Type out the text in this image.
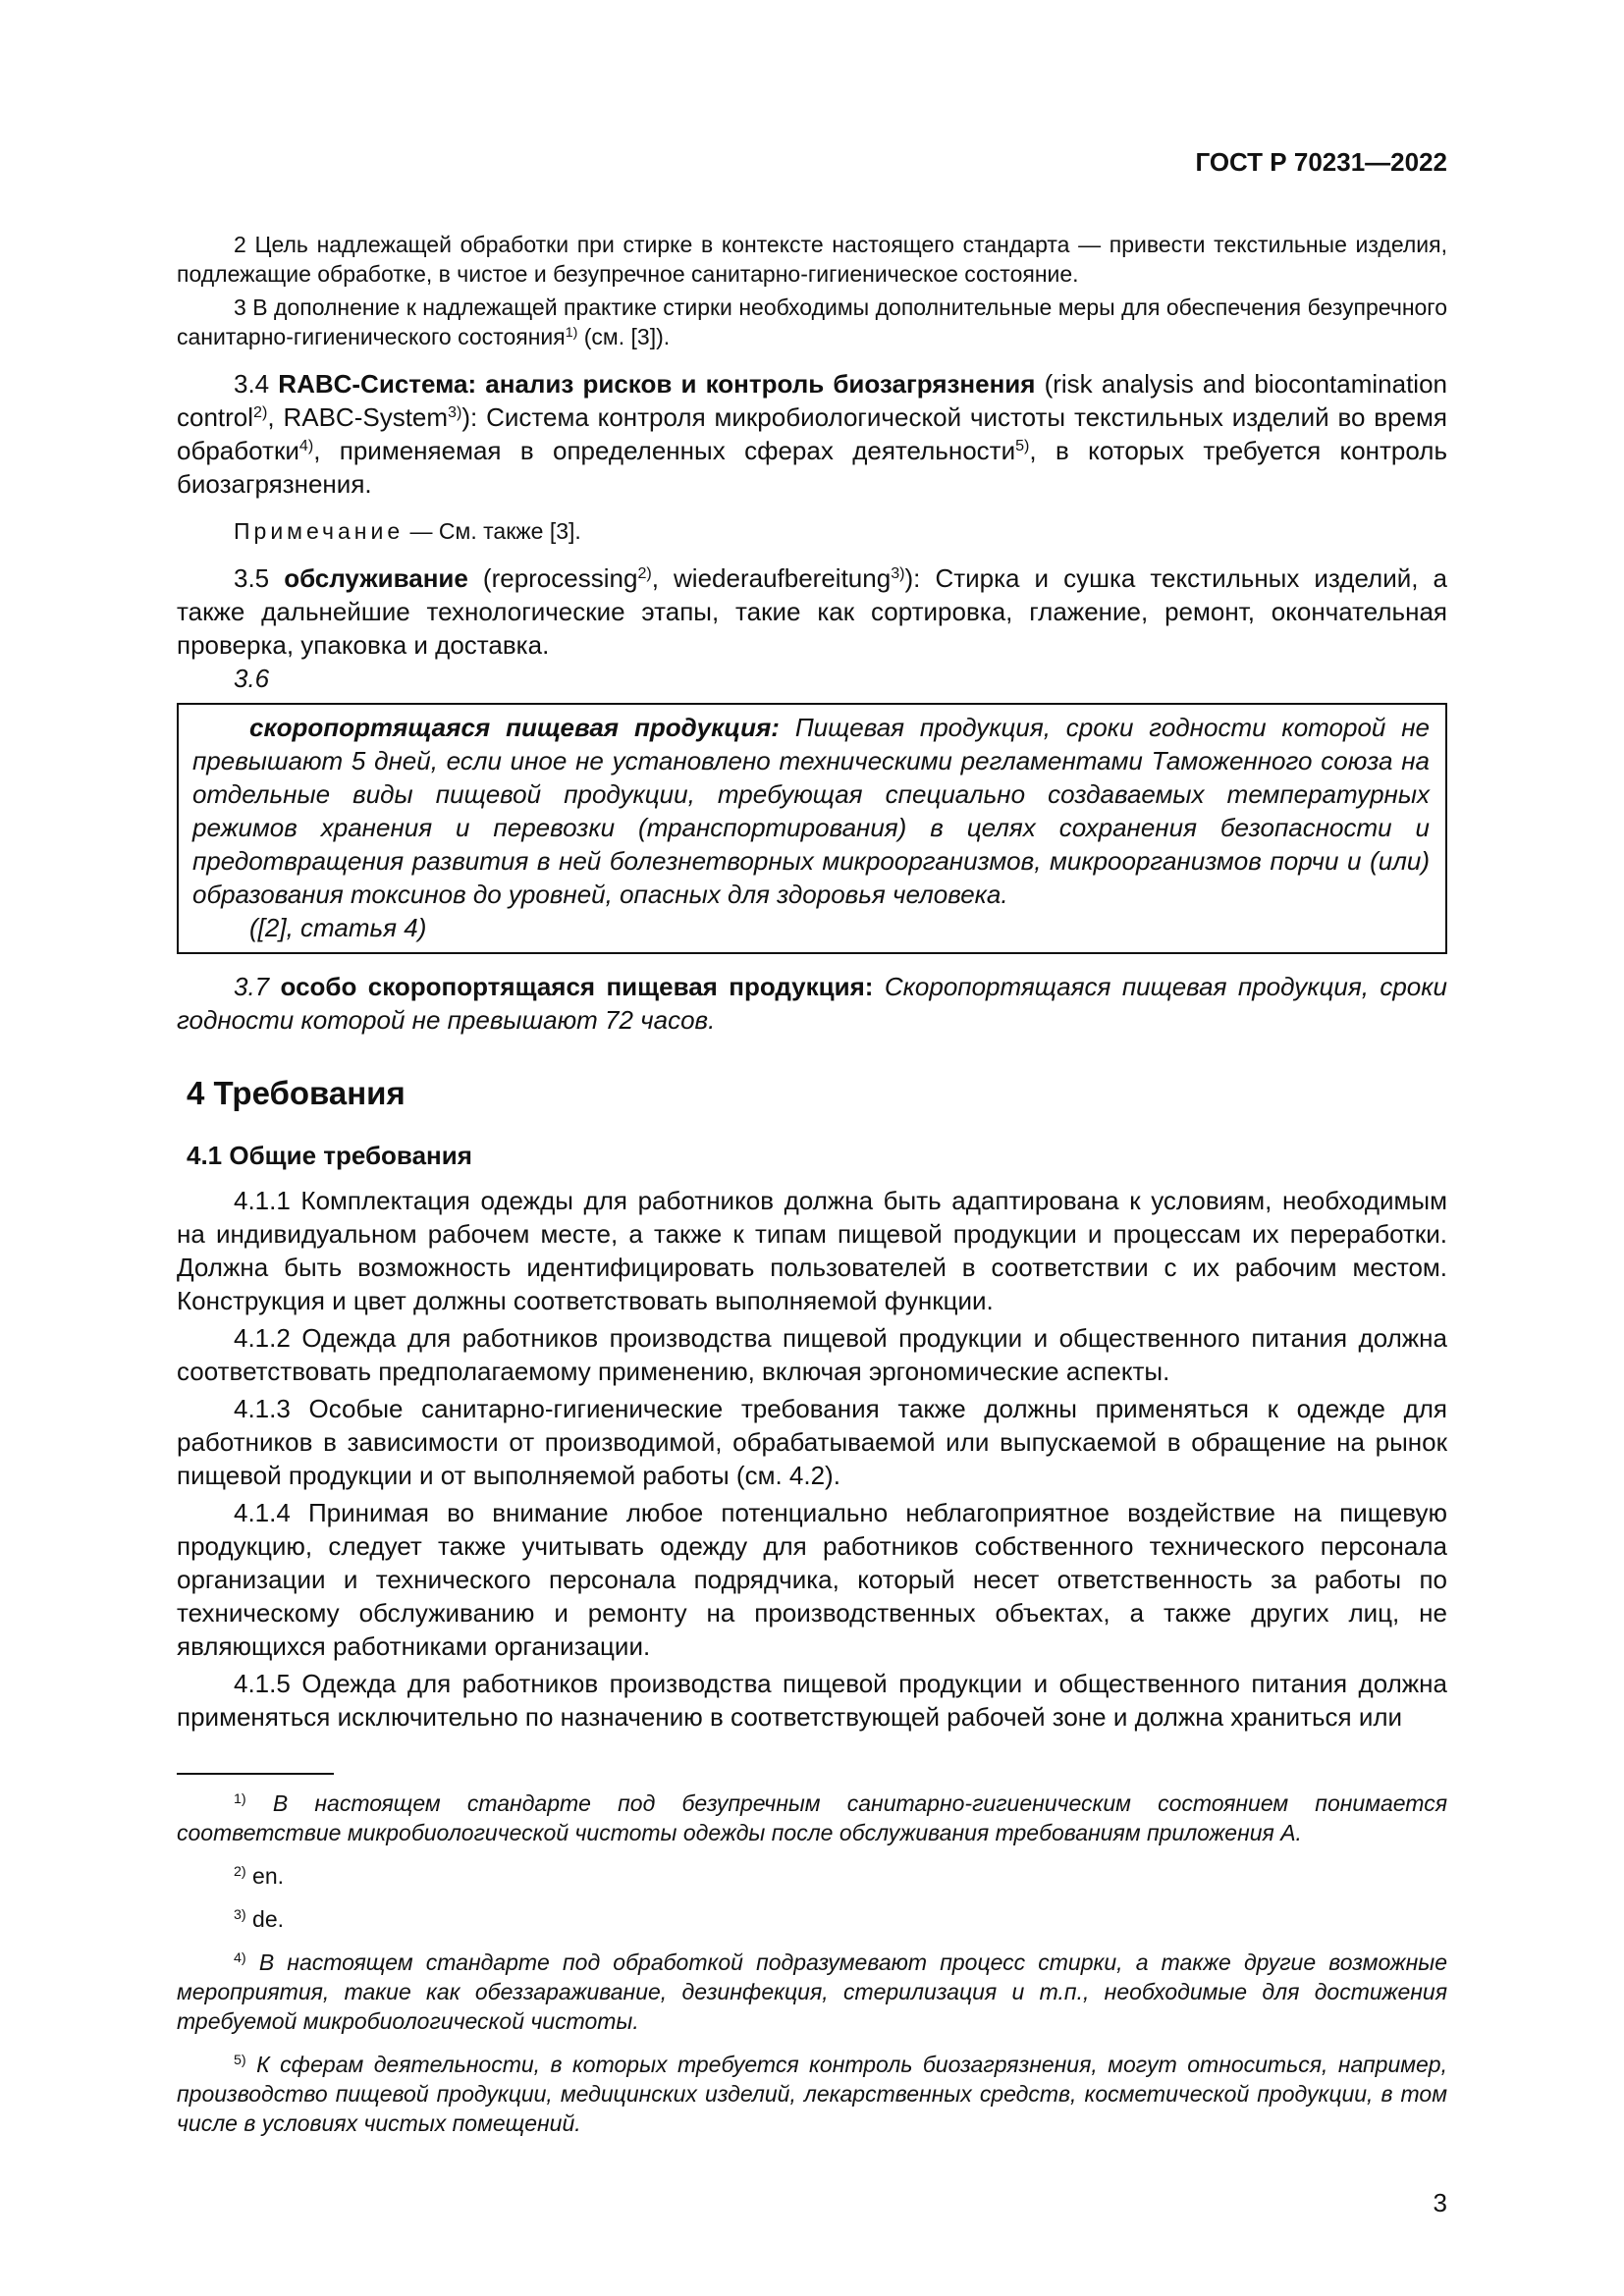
ГОСТ Р 70231—2022

2 Цель надлежащей обработки при стирке в контексте настоящего стандарта — привести текстильные изделия, подлежащие обработке, в чистое и безупречное санитарно-гигиеническое состояние.

3 В дополнение к надлежащей практике стирки необходимы дополнительные меры для обеспечения безупречного санитарно-гигиенического состояния$^{1)}$ (см. [3]).

3.4 RABC-Система: анализ рисков и контроль биозагрязнения (risk analysis and biocontamination control$^{2)}$, RABC-System$^{3)}$): Система контроля микробиологической чистоты текстильных изделий во время обработки$^{4)}$, применяемая в определенных сферах деятельности$^{5)}$, в которых требуется контроль биозагрязнения.

Примечание — См. также [3].

3.5 обслуживание (reprocessing$^{2)}$, wiederaufbereitung$^{3)}$): Стирка и сушка текстильных изделий, а также дальнейшие технологические этапы, такие как сортировка, глажение, ремонт, окончательная проверка, упаковка и доставка.

3.6

скоропортящаяся пищевая продукция: Пищевая продукция, сроки годности которой не превышают 5 дней, если иное не установлено техническими регламентами Таможенного союза на отдельные виды пищевой продукции, требующая специально создаваемых температурных режимов хранения и перевозки (транспортирования) в целях сохранения безопасности и предотвращения развития в ней болезнетворных микроорганизмов, микроорганизмов порчи и (или) образования токсинов до уровней, опасных для здоровья человека.

([2], статья 4)

3.7 особо скоропортящаяся пищевая продукция: Скоропортящаяся пищевая продукция, сроки годности которой не превышают 72 часов.

4 Требования

4.1 Общие требования

4.1.1 Комплектация одежды для работников должна быть адаптирована к условиям, необходимым на индивидуальном рабочем месте, а также к типам пищевой продукции и процессам их переработки. Должна быть возможность идентифицировать пользователей в соответствии с их рабочим местом. Конструкция и цвет должны соответствовать выполняемой функции.

4.1.2 Одежда для работников производства пищевой продукции и общественного питания должна соответствовать предполагаемому применению, включая эргономические аспекты.

4.1.3 Особые санитарно-гигиенические требования также должны применяться к одежде для работников в зависимости от производимой, обрабатываемой или выпускаемой в обращение на рынок пищевой продукции и от выполняемой работы (см. 4.2).

4.1.4 Принимая во внимание любое потенциально неблагоприятное воздействие на пищевую продукцию, следует также учитывать одежду для работников собственного технического персонала организации и технического персонала подрядчика, который несет ответственность за работы по техническому обслуживанию и ремонту на производственных объектах, а также других лиц, не являющихся работниками организации.

4.1.5 Одежда для работников производства пищевой продукции и общественного питания должна применяться исключительно по назначению в соответствующей рабочей зоне и должна храниться или

$^{1)}$ В настоящем стандарте под безупречным санитарно-гигиеническим состоянием понимается соответствие микробиологической чистоты одежды после обслуживания требованиям приложения А.

$^{2)}$ en.

$^{3)}$ de.

$^{4)}$ В настоящем стандарте под обработкой подразумевают процесс стирки, а также другие возможные мероприятия, такие как обеззараживание, дезинфекция, стерилизация и т.п., необходимые для достижения требуемой микробиологической чистоты.

$^{5)}$ К сферам деятельности, в которых требуется контроль биозагрязнения, могут относиться, например, производство пищевой продукции, медицинских изделий, лекарственных средств, косметической продукции, в том числе в условиях чистых помещений.

3
